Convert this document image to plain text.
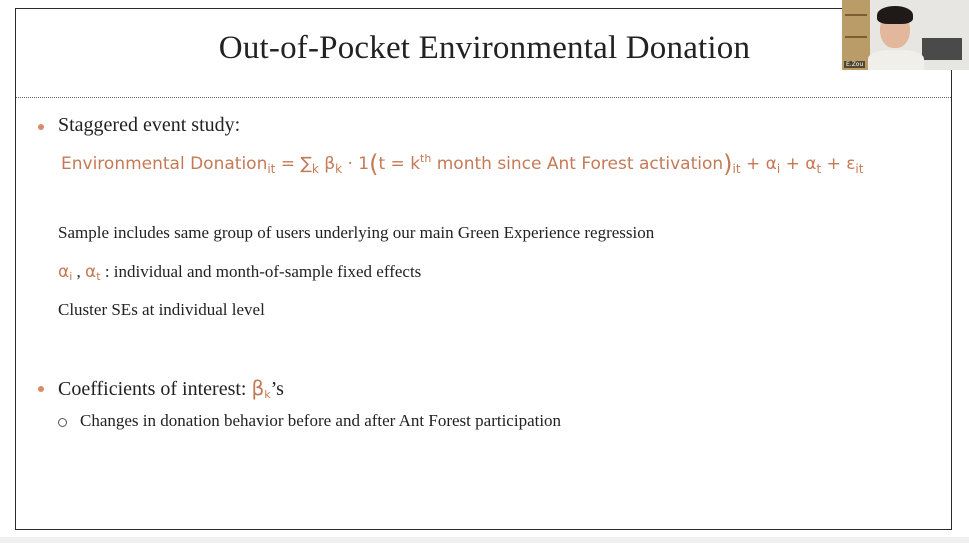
Out-of-Pocket Environmental Donation
Staggered event study:
Environmental Donation$_{it}$ = $\sum_k$ $\beta_k \cdot 1(t = k^{th}$ month since Ant Forest $activation)_{it} + \alpha_i + \alpha_t + \varepsilon_{it}$
Sample includes same group of users underlying our main Green Experience regression
$\alpha_i$ , $\alpha_t$ : individual and month-of-sample fixed effects
Cluster SEs at individual level
Coefficients of interest: $\beta_k’s$
Changes in donation behavior before and after Ant Forest participation
E.Zou
